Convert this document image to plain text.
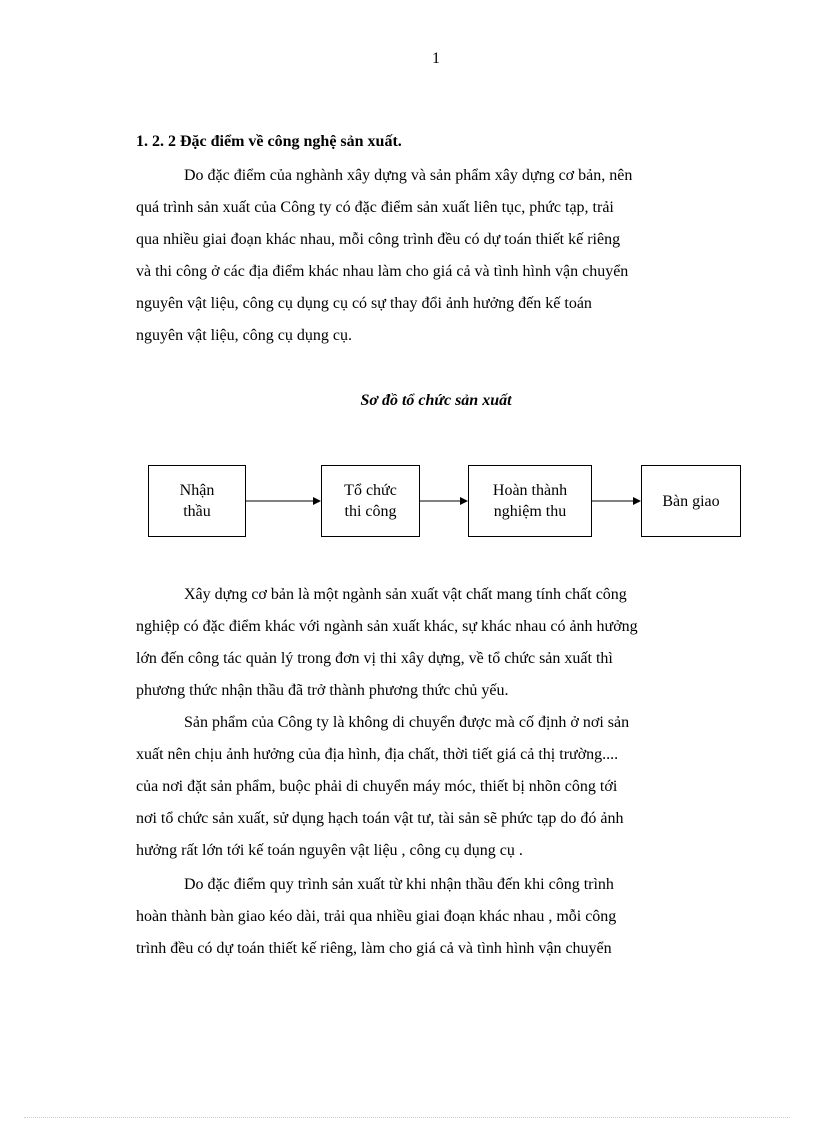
1
1. 2. 2 Đặc điểm về công nghệ sản xuất.
Do đặc điểm của nghành xây dựng và sản phẩm xây dựng cơ bản, nên
quá trình sản xuất của Công ty có đặc điểm sản xuất liên tục, phức tạp, trải
qua nhiều giai đoạn khác nhau, mỗi công trình đều có dự toán thiết kế riêng
và thi công ở các địa điểm khác nhau làm cho giá cả và tình hình vận chuyển
nguyên vật liệu, công cụ dụng cụ có sự thay đổi ảnh hưởng đến kế toán
nguyên vật liệu, công cụ dụng cụ.
Sơ đồ tổ chức sản xuất
Nhận
thầu
Tổ chức
thi công
Hoàn thành
nghiệm thu
Bàn giao
Xây dựng cơ bản là một ngành sản xuất vật chất mang tính chất công
nghiệp có đặc điểm khác với ngành sản xuất khác, sự khác nhau có ảnh hưởng
lớn đến công tác quản lý trong đơn vị thi xây dựng, về tổ chức sản xuất thì
phương thức nhận thầu đã trở thành phương thức chủ yếu.
Sản phẩm của Công ty là không di chuyển được mà cố định ở nơi sản
xuất nên chịu ảnh hưởng của địa hình, địa chất, thời tiết giá cả thị trường....
của nơi đặt sản phẩm, buộc phải di chuyển máy móc, thiết bị nhõn công tới
nơi tổ chức sản xuất, sử dụng hạch toán vật tư, tài sản sẽ phức tạp do đó ảnh
hưởng rất lớn tới kế toán nguyên vật liệu , công cụ dụng cụ .
Do đặc điểm quy trình sản xuất từ khi nhận thầu đến khi công trình
hoàn thành bàn giao kéo dài, trải qua nhiều giai đoạn khác nhau , mỗi công
trình đều có dự toán thiết kế riêng, làm cho giá cả và tình hình vận chuyển
